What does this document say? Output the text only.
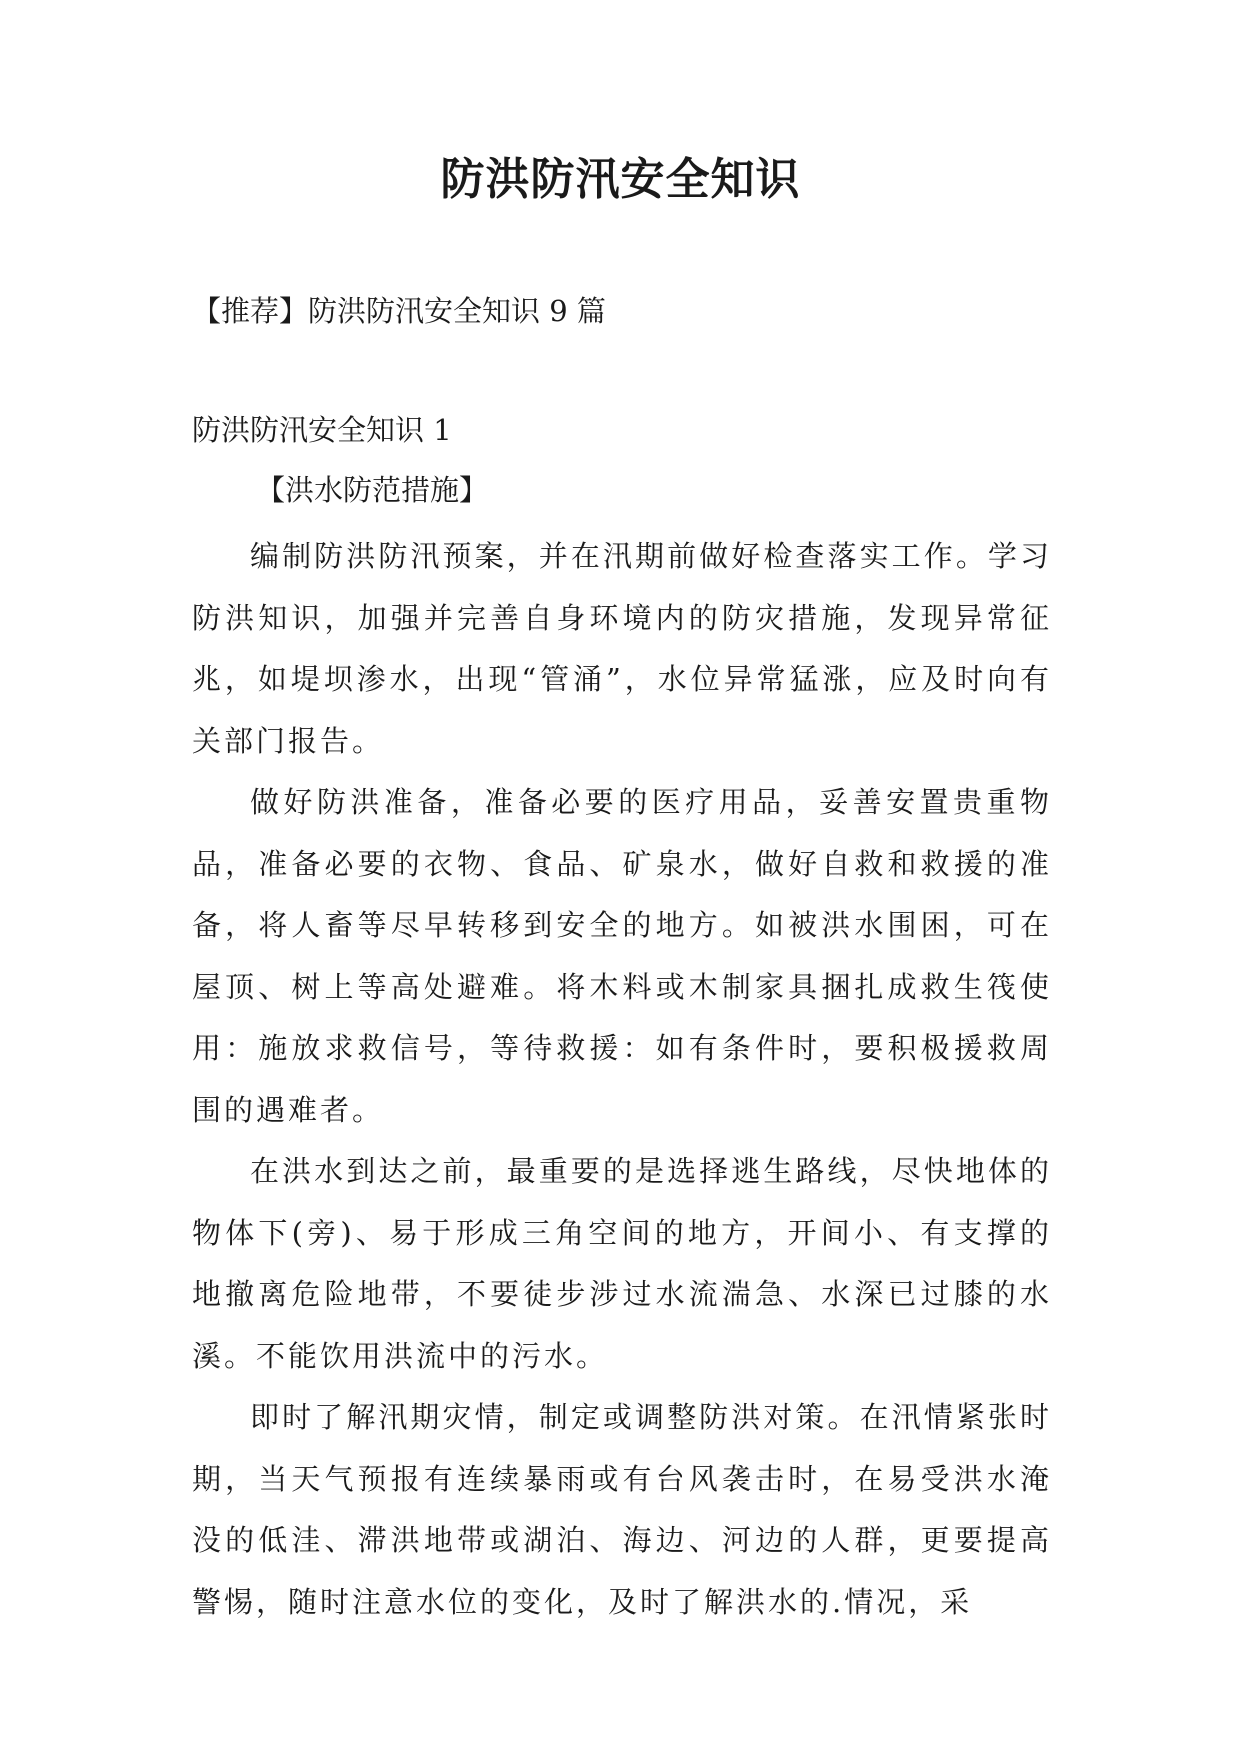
防洪防汛安全知识

【推荐】防洪防汛安全知识 9 篇

防洪防汛安全知识 1

【洪水防范措施】

编制防洪防汛预案，并在汛期前做好检查落实工作。学习防洪知识，加强并完善自身环境内的防灾措施，发现异常征兆，如堤坝渗水，出现“管涌”，水位异常猛涨，应及时向有关部门报告。

做好防洪准备，准备必要的医疗用品，妥善安置贵重物品，准备必要的衣物、食品、矿泉水，做好自救和救援的准备，将人畜等尽早转移到安全的地方。如被洪水围困，可在屋顶、树上等高处避难。将木料或木制家具捆扎成救生筏使用：施放求救信号，等待救援：如有条件时，要积极援救周围的遇难者。

在洪水到达之前，最重要的是选择逃生路线，尽快地体的物体下(旁)、易于形成三角空间的地方，开间小、有支撑的地撤离危险地带，不要徒步涉过水流湍急、水深已过膝的水溪。不能饮用洪流中的污水。

即时了解汛期灾情，制定或调整防洪对策。在汛情紧张时期，当天气预报有连续暴雨或有台风袭击时，在易受洪水淹没的低洼、滞洪地带或湖泊、海边、河边的人群，更要提高警惕，随时注意水位的变化，及时了解洪水的.情况，采
